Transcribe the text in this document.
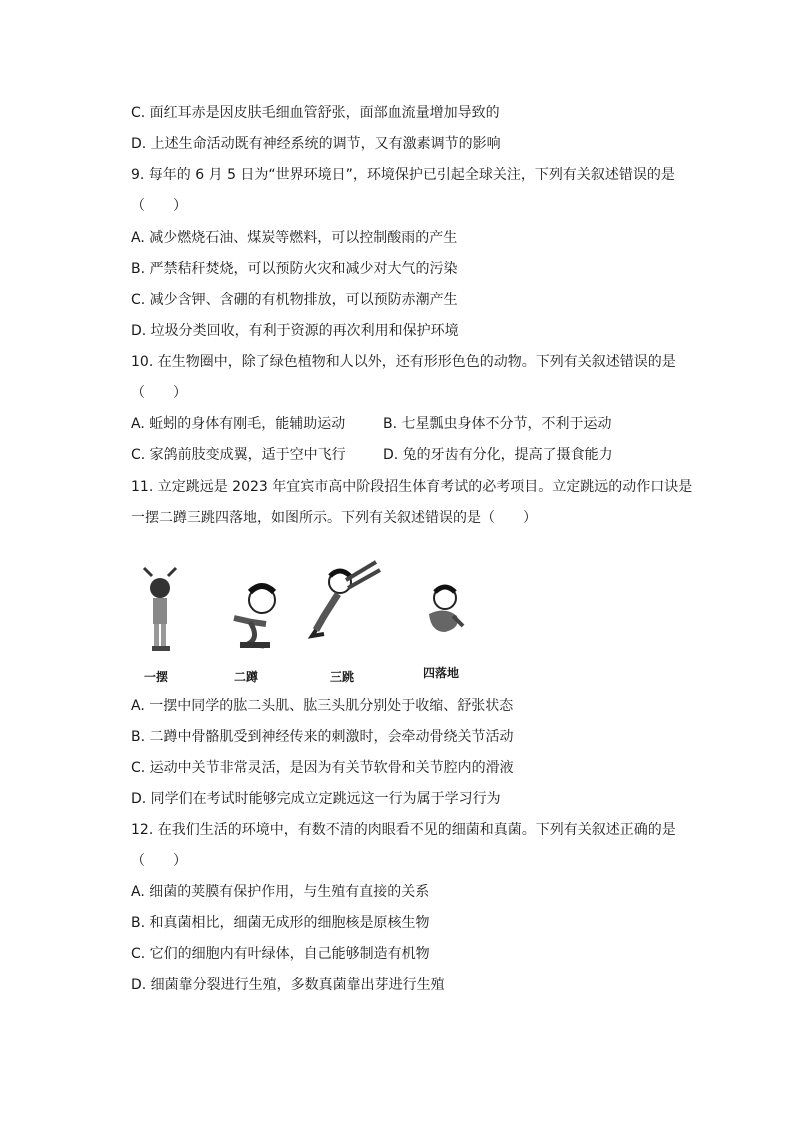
C. 面红耳赤是因皮肤毛细血管舒张，面部血流量增加导致的
D. 上述生命活动既有神经系统的调节，又有激素调节的影响
9. 每年的 6 月 5 日为“世界环境日”，环境保护已引起全球关注，下列有关叙述错误的是
（　　）
A. 减少燃烧石油、煤炭等燃料，可以控制酸雨的产生
B. 严禁秸秆焚烧，可以预防火灾和减少对大气的污染
C. 减少含钾、含硼的有机物排放，可以预防赤潮产生
D. 垃圾分类回收，有利于资源的再次利用和保护环境
10. 在生物圈中，除了绿色植物和人以外，还有形形色色的动物。下列有关叙述错误的是
（　　）
A. 蚯蚓的身体有刚毛，能辅助运动	B. 七星瓢虫身体不分节，不利于运动
C. 家鸽前肢变成翼，适于空中飞行	D. 兔的牙齿有分化，提高了摄食能力
11. 立定跳远是 2023 年宜宾市高中阶段招生体育考试的必考项目。立定跳远的动作口诀是
一摆二蹲三跳四落地，如图所示。下列有关叙述错误的是（　　）
一摆	二蹲	三跳	四落地
A. 一摆中同学的肱二头肌、肱三头肌分别处于收缩、舒张状态
B. 二蹲中骨骼肌受到神经传来的刺激时，会牵动骨绕关节活动
C. 运动中关节非常灵活，是因为有关节软骨和关节腔内的滑液
D. 同学们在考试时能够完成立定跳远这一行为属于学习行为
12. 在我们生活的环境中，有数不清的肉眼看不见的细菌和真菌。下列有关叙述正确的是
（　　）
A. 细菌的荚膜有保护作用，与生殖有直接的关系
B. 和真菌相比，细菌无成形的细胞核是原核生物
C. 它们的细胞内有叶绿体，自己能够制造有机物
D. 细菌靠分裂进行生殖，多数真菌靠出芽进行生殖
